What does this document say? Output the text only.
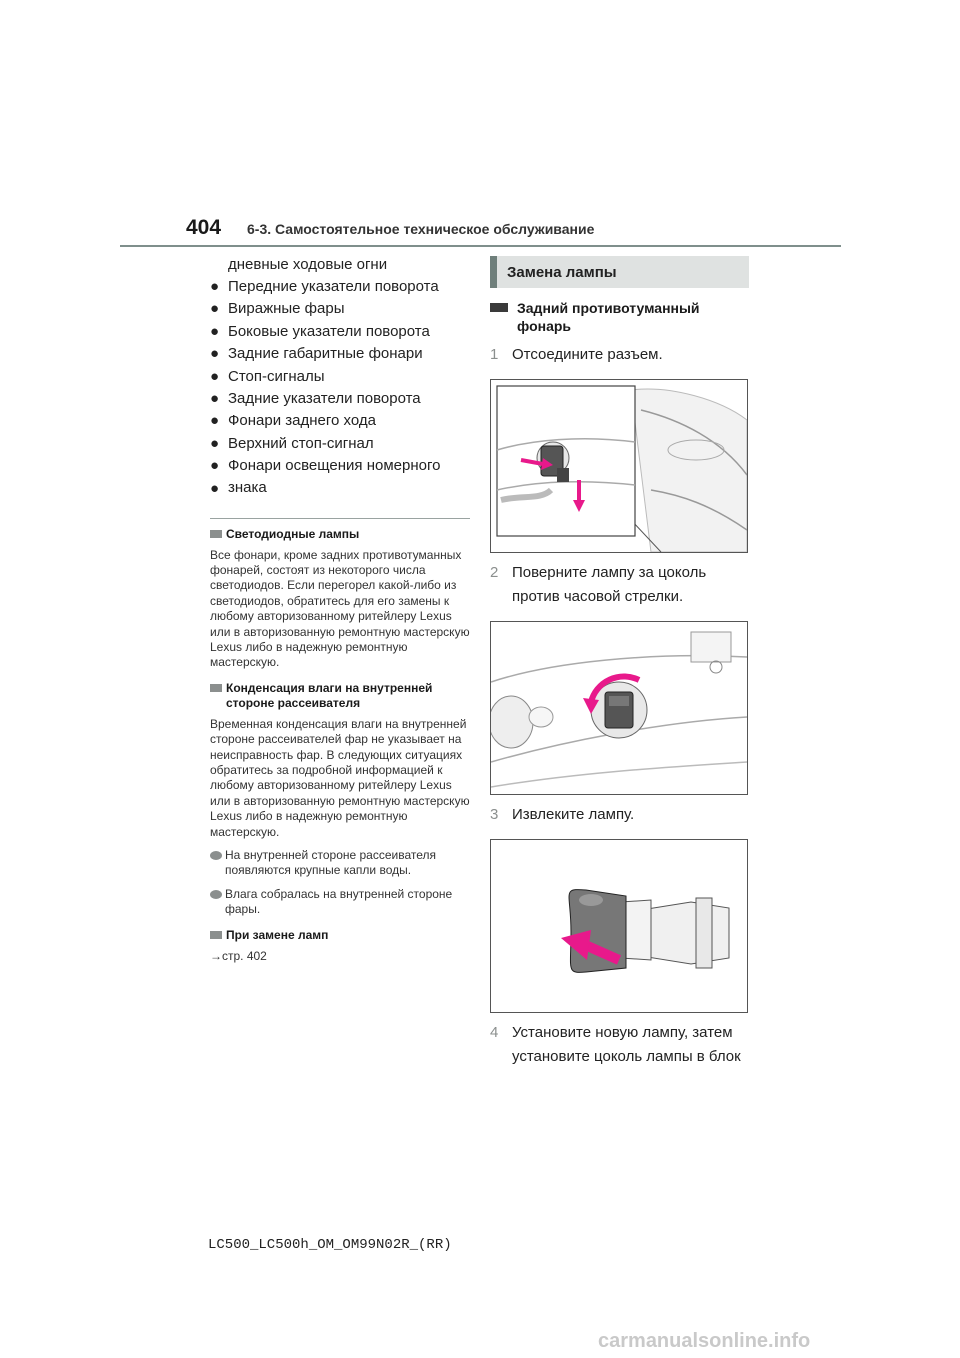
404 6-3. Самостоятельное техническое обслуживание
дневные ходовые огни
● Передние указатели поворота
● Виражные фары
● Боковые указатели поворота
● Задние габаритные фонари
● Стоп-сигналы
● Задние указатели поворота
● Фонари заднего хода
● Верхний стоп-сигнал
● Фонари освещения номерного знака
●
Светодиодные лампы
Все фонари, кроме задних противотуманных фонарей, состоят из некоторого числа светодиодов. Если перегорел какой-либо из светодиодов, обратитесь для его замены к любому авторизованному ритейлеру Lexus или в авторизованную ремонтную мастерскую Lexus либо в надежную ремонтную мастерскую.
Конденсация влаги на внутренней стороне рассеивателя
Временная конденсация влаги на внутренней стороне рассеивателей фар не указывает на неисправность фар. В следующих ситуациях обратитесь за подробной информацией к любому авторизованному ритейлеру Lexus или в авторизованную ремонтную мастерскую Lexus либо в надежную ремонтную мастерскую.
На внутренней стороне рассеивателя появляются крупные капли воды.
Влага собралась на внутренней стороне фары.
При замене ламп
→стр. 402
Замена лампы
Задний противотуманный фонарь
1 Отсоедините разъем.
2 Поверните лампу за цоколь против часовой стрелки.
3 Извлеките лампу.
4 Установите новую лампу, затем установите цоколь лампы в блок
LC500_LC500h_OM_OM99N02R_(RR)
carmanualsonline.info
